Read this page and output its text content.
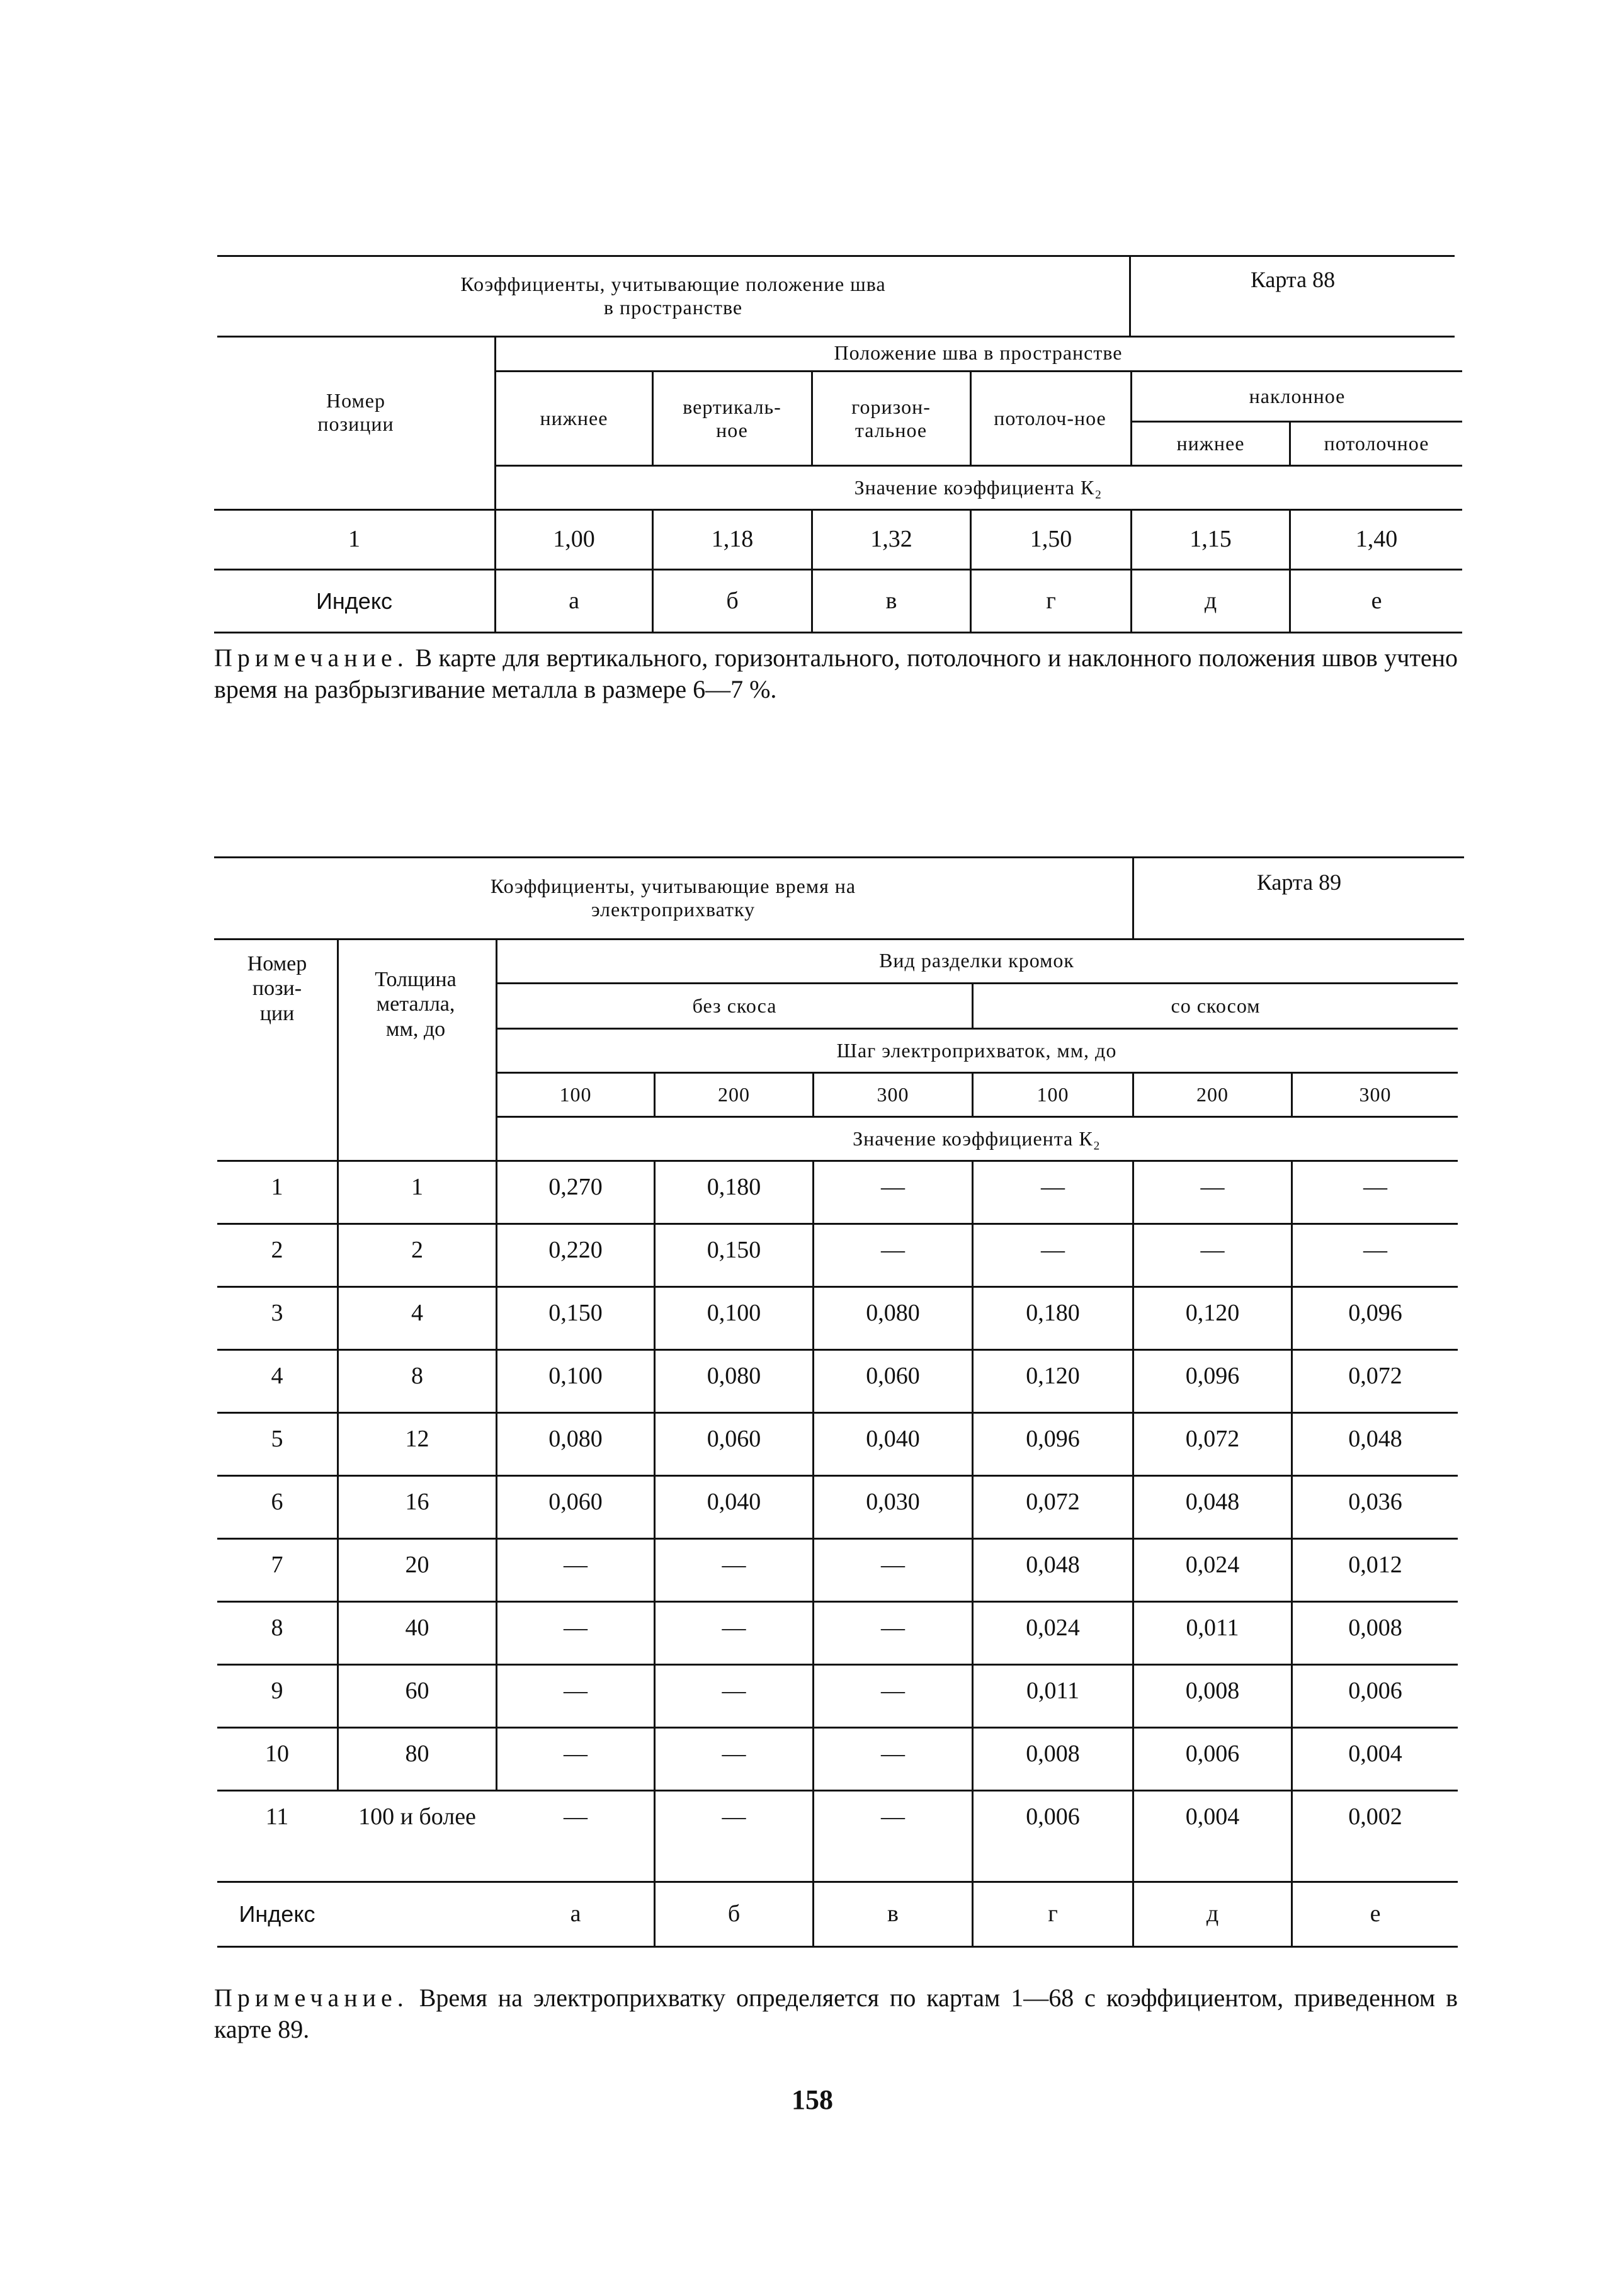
Коэффициенты, учитывающие положение шва
в пространстве
Карта 88
Номер позиции
Положение шва в пространстве
нижнее
вертикаль-ное
горизон-тальное
потолоч-ное
наклонное
нижнее	потолочное
Значение коэффициента К₂
1	1,00	1,18	1,32	1,50	1,15	1,40
Индекс	а	б	в	г	д	е
Примечание. В карте для вертикального, горизонтального, потолочного и наклонного положения швов учтено время на разбрызгивание металла в размере 6—7 %.
Коэффициенты, учитывающие время на
электроприхватку
Карта 89
Номер пози-ции
Толщина металла, мм, до
Вид разделки кромок
без скоса	со скосом
Шаг электроприхваток, мм, до
100	200	300	100	200	300
Значение коэффициента К₂
1	1	0,270	0,180	—	—	—	—
2	2	0,220	0,150	—	—	—	—
3	4	0,150	0,100	0,080	0,180	0,120	0,096
4	8	0,100	0,080	0,060	0,120	0,096	0,072
5	12	0,080	0,060	0,040	0,096	0,072	0,048
6	16	0,060	0,040	0,030	0,072	0,048	0,036
7	20	—	—	—	0,048	0,024	0,012
8	40	—	—	—	0,024	0,011	0,008
9	60	—	—	—	0,011	0,008	0,006
10	80	—	—	—	0,008	0,006	0,004
11	100 и более	—	—	—	0,006	0,004	0,002
Индекс	а	б	в	г	д	е
Примечание. Время на электроприхватку определяется по картам 1—68 с коэффициентом, приведенном в карте 89.
158
